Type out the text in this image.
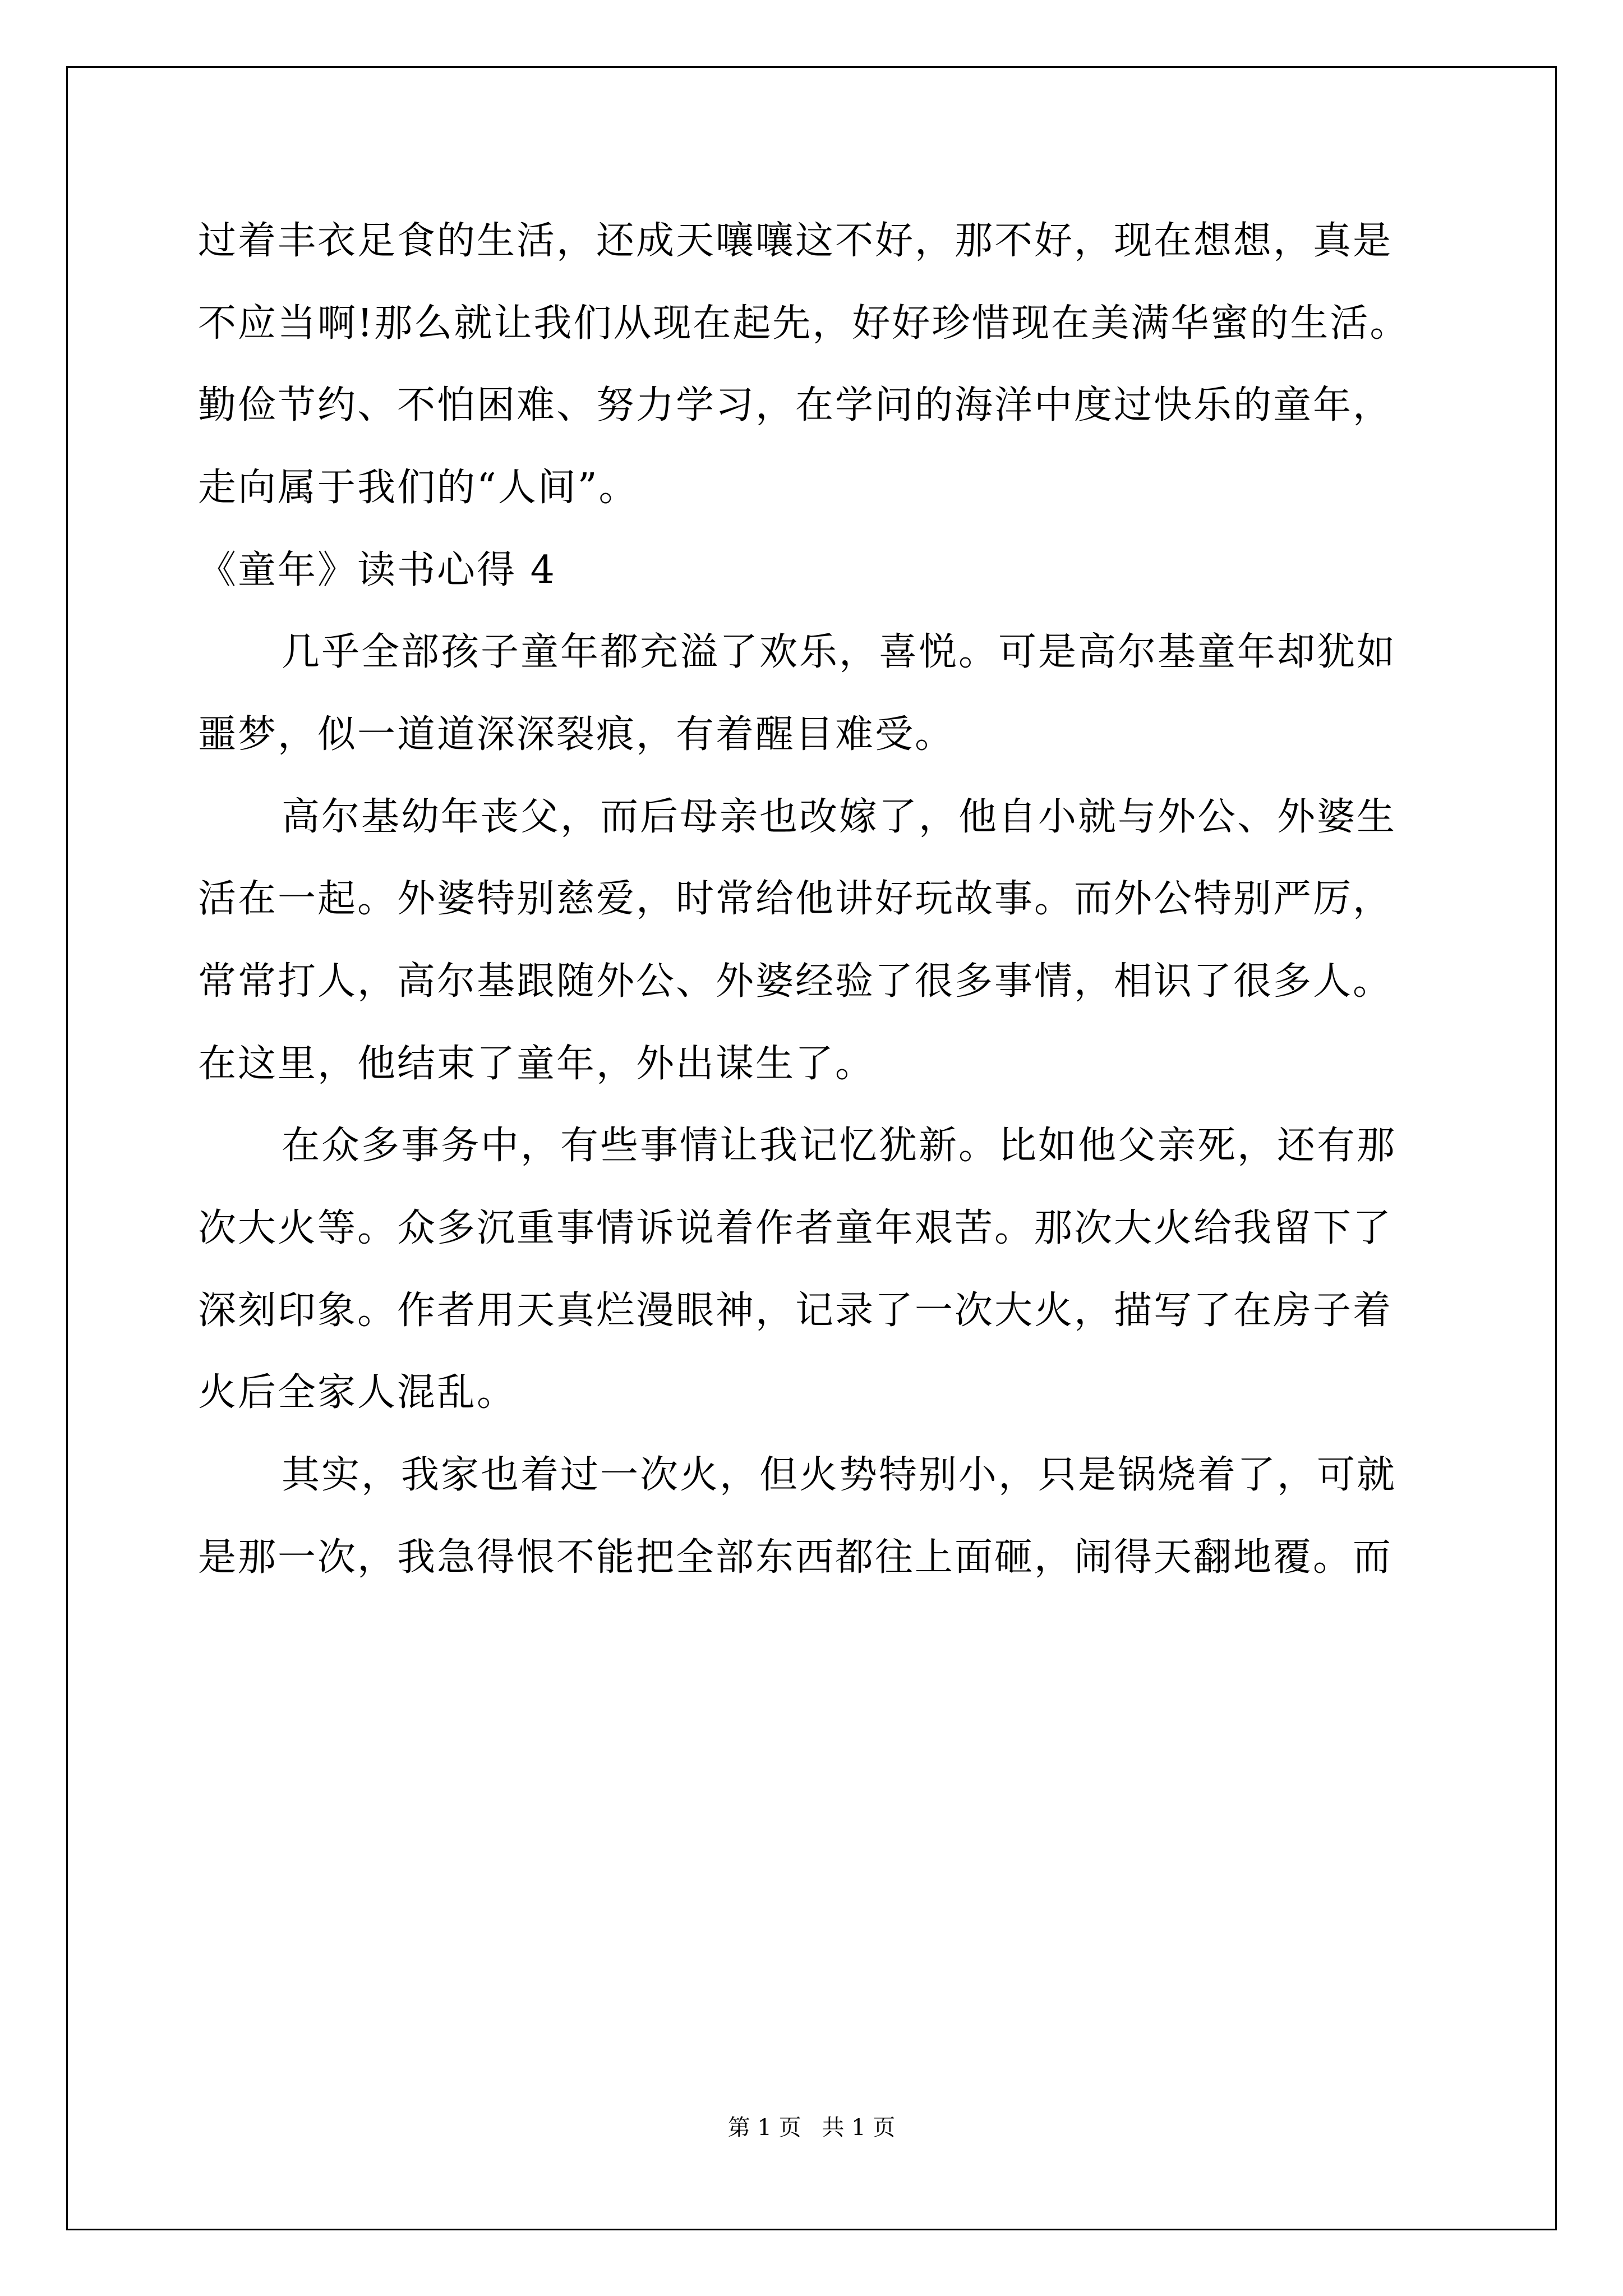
过着丰衣足食的生活，还成天嚷嚷这不好，那不好，现在想想，真是
不应当啊!那么就让我们从现在起先，好好珍惜现在美满华蜜的生活。
勤俭节约、不怕困难、努力学习，在学问的海洋中度过快乐的童年，
走向属于我们的“人间”。
《童年》读书心得 4
几乎全部孩子童年都充溢了欢乐，喜悦。可是高尔基童年却犹如
噩梦，似一道道深深裂痕，有着醒目难受。
高尔基幼年丧父，而后母亲也改嫁了，他自小就与外公、外婆生
活在一起。外婆特别慈爱，时常给他讲好玩故事。而外公特别严厉，
常常打人，高尔基跟随外公、外婆经验了很多事情，相识了很多人。
在这里，他结束了童年，外出谋生了。
在众多事务中，有些事情让我记忆犹新。比如他父亲死，还有那
次大火等。众多沉重事情诉说着作者童年艰苦。那次大火给我留下了
深刻印象。作者用天真烂漫眼神，记录了一次大火，描写了在房子着
火后全家人混乱。
其实，我家也着过一次火，但火势特别小，只是锅烧着了，可就
是那一次，我急得恨不能把全部东西都往上面砸，闹得天翻地覆。而
第 1 页 共 1 页
